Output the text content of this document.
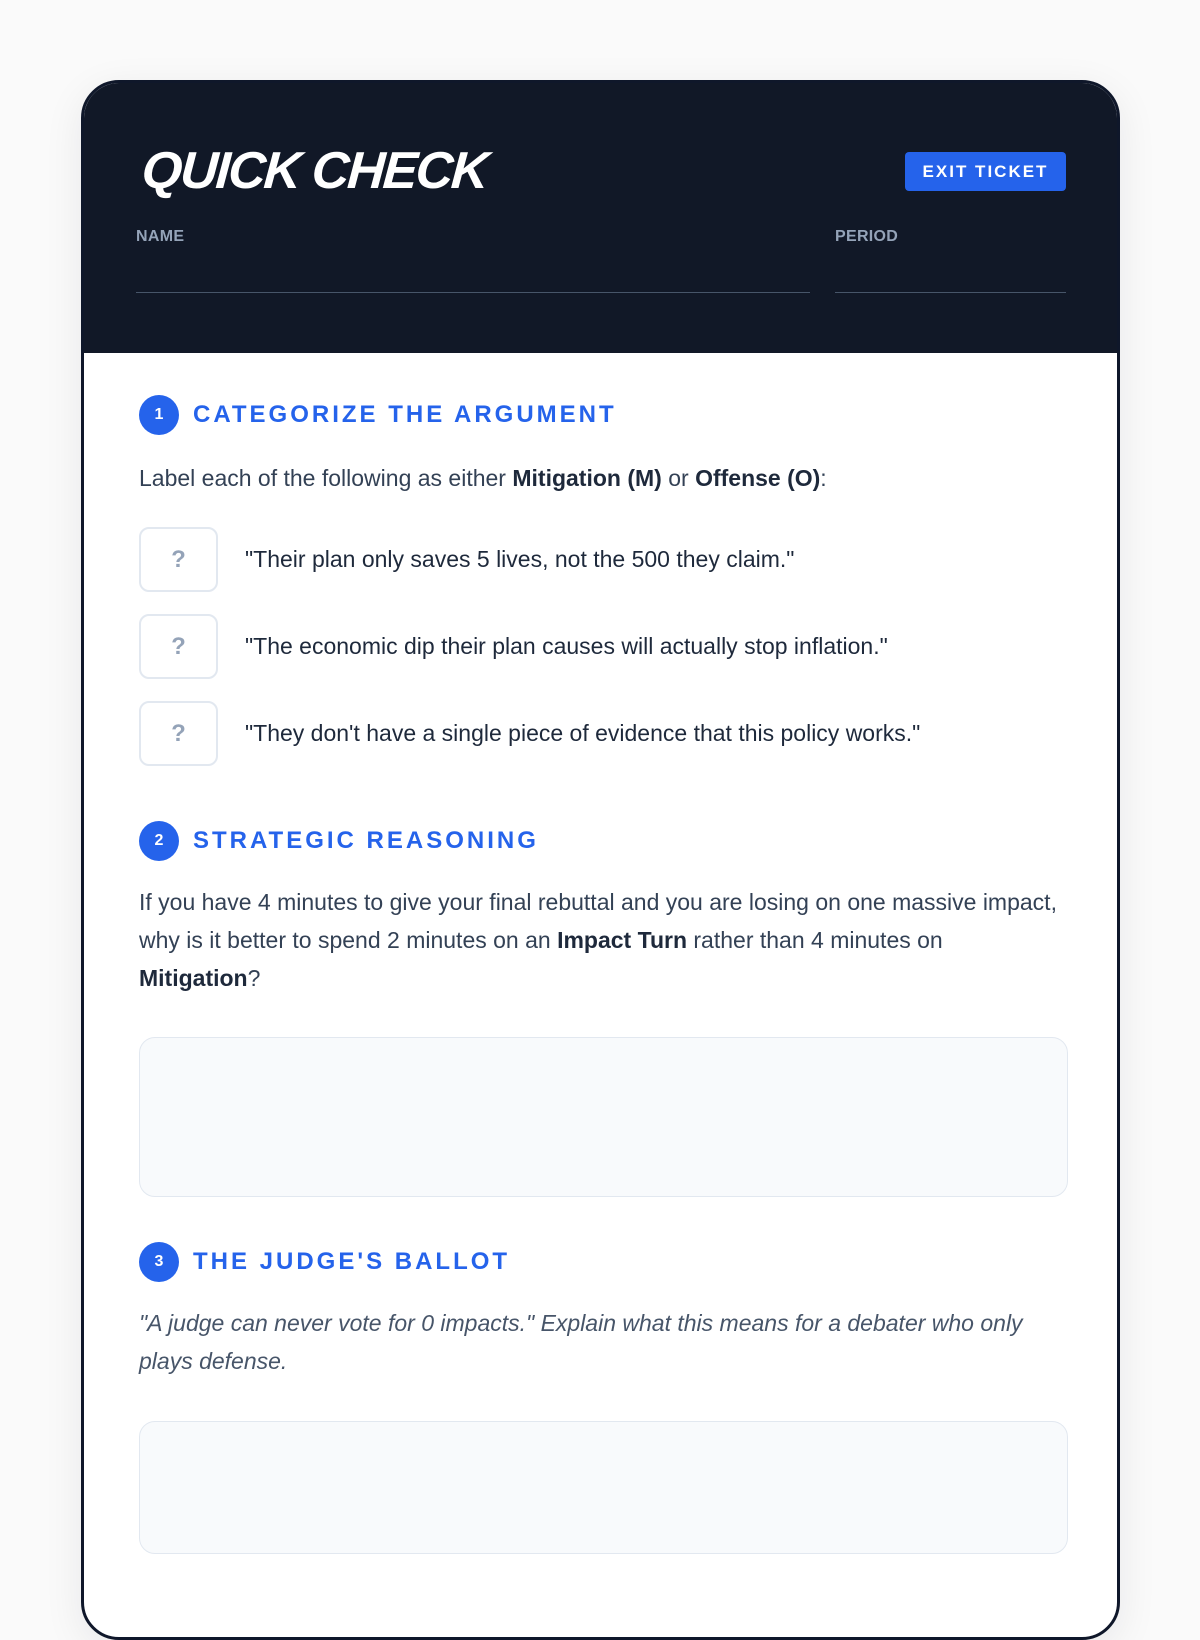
QUICK CHECK	EXIT TICKET
NAME	PERIOD
1	CATEGORIZE THE ARGUMENT
Label each of the following as either Mitigation (M) or Offense (O):
?	"Their plan only saves 5 lives, not the 500 they claim."
?	"The economic dip their plan causes will actually stop inflation."
?	"They don't have a single piece of evidence that this policy works."
2	STRATEGIC REASONING
If you have 4 minutes to give your final rebuttal and you are losing on one massive impact, why is it better to spend 2 minutes on an Impact Turn rather than 4 minutes on Mitigation?
3	THE JUDGE'S BALLOT
"A judge can never vote for 0 impacts." Explain what this means for a debater who only plays defense.
